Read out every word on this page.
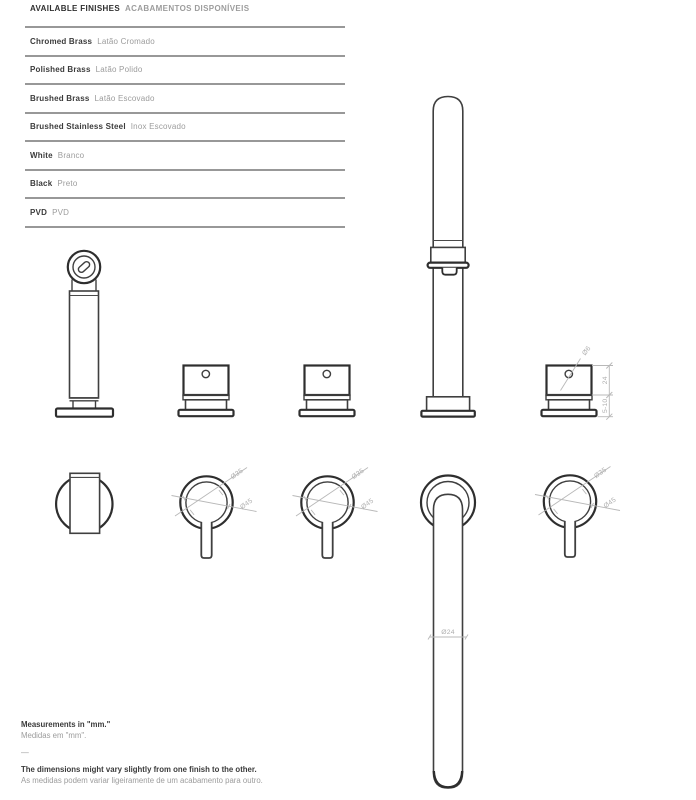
AVAILABLE FINISHES ACABAMENTOS DISPONÍVEIS
Chromed Brass Latão Cromado
Polished Brass Latão Polido
Brushed Brass Latão Escovado
Brushed Stainless Steel Inox Escovado
White Branco
Black Preto
PVD PVD
Ø6
24
5-10
Ø35
Ø45
Ø35
Ø45
Ø35
Ø45
Ø24
Measurements in "mm."
Medidas em "mm".
—
The dimensions might vary slightly from one finish to the other.
As medidas podem variar ligeiramente de um acabamento para outro.
